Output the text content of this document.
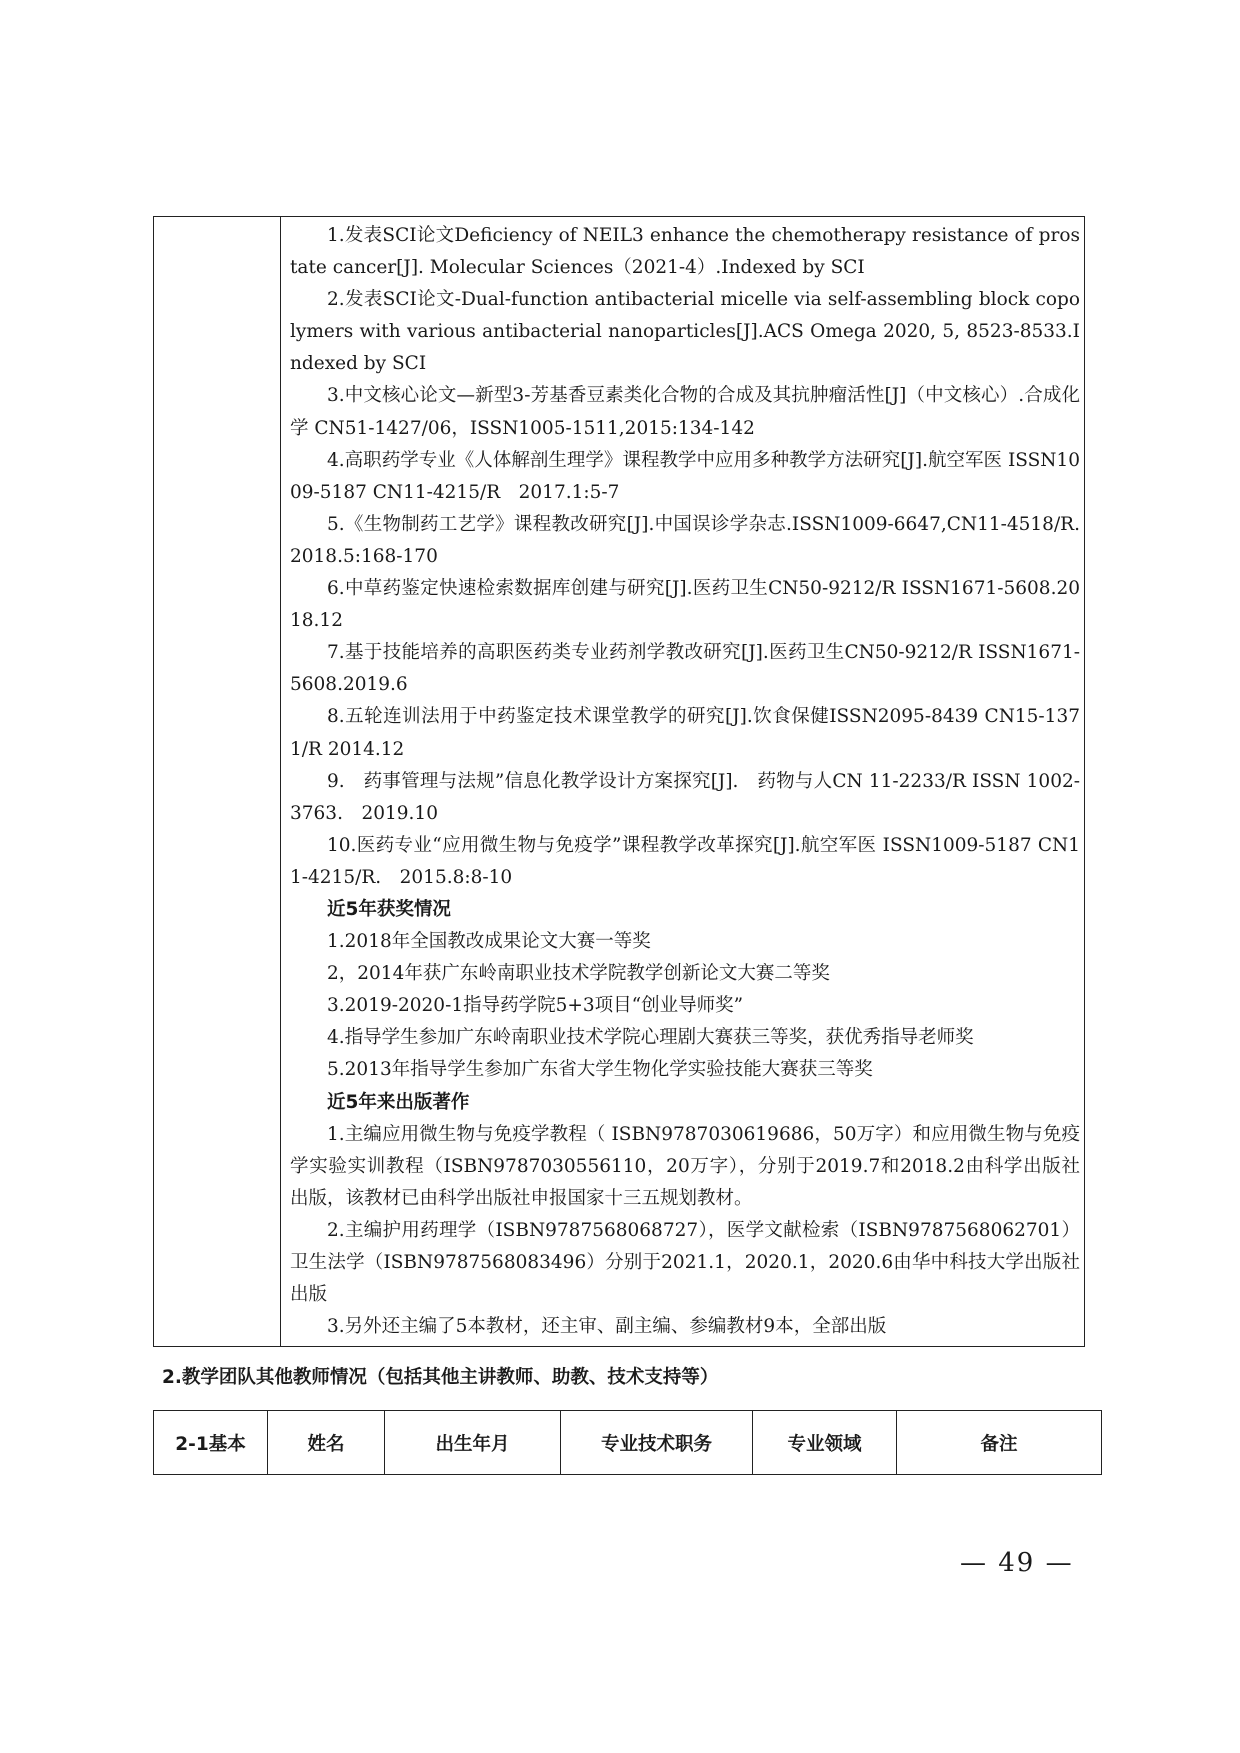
1.发表SCI论文Deficiency of NEIL3 enhance the chemotherapy resistance of prostate cancer[J]. Molecular Sciences（2021-4）.Indexed by SCI

2.发表SCI论文-Dual-function antibacterial micelle via self-assembling block copolymers with various antibacterial nanoparticles[J].ACS Omega 2020, 5, 8523-8533.Indexed by SCI

3.中文核心论文—新型3-芳基香豆素类化合物的合成及其抗肿瘤活性[J]（中文核心）.合成化学 CN51-1427/06，ISSN1005-1511,2015:134-142

4.高职药学专业《人体解剖生理学》课程教学中应用多种教学方法研究[J].航空军医 ISSN1009-5187 CN11-4215/R　2017.1:5-7

5.《生物制药工艺学》课程教改研究[J].中国误诊学杂志.ISSN1009-6647,CN11-4518/R.2018.5:168-170

6.中草药鉴定快速检索数据库创建与研究[J].医药卫生CN50-9212/R ISSN1671-5608.2018.12

7.基于技能培养的高职医药类专业药剂学教改研究[J].医药卫生CN50-9212/R ISSN1671-5608.2019.6

8.五轮连训法用于中药鉴定技术课堂教学的研究[J].饮食保健ISSN2095-8439 CN15-1371/R 2014.12

9.　药事管理与法规”信息化教学设计方案探究[J].　药物与人CN 11-2233/R ISSN 1002-3763.　2019.10

10.医药专业“应用微生物与免疫学”课程教学改革探究[J].航空军医 ISSN1009-5187 CN11-4215/R.　2015.8:8-10

近5年获奖情况

1.2018年全国教改成果论文大赛一等奖

2，2014年获广东岭南职业技术学院教学创新论文大赛二等奖

3.2019-2020-1指导药学院5+3项目“创业导师奖”

4.指导学生参加广东岭南职业技术学院心理剧大赛获三等奖，获优秀指导老师奖

5.2013年指导学生参加广东省大学生物化学实验技能大赛获三等奖

近5年来出版著作

1.主编应用微生物与免疫学教程（ ISBN9787030619686，50万字）和应用微生物与免疫学实验实训教程（ISBN9787030556110，20万字），分别于2019.7和2018.2由科学出版社出版，该教材已由科学出版社申报国家十三五规划教材。

2.主编护用药理学（ISBN9787568068727），医学文献检索（ISBN9787568062701）卫生法学（ISBN9787568083496）分别于2021.1，2020.1，2020.6由华中科技大学出版社出版

3.另外还主编了5本教材，还主审、副主编、参编教材9本，全部出版

2.教学团队其他教师情况（包括其他主讲教师、助教、技术支持等）

2-1基本	姓名	出生年月	专业技术职务	专业领域	备注

— 49 —
